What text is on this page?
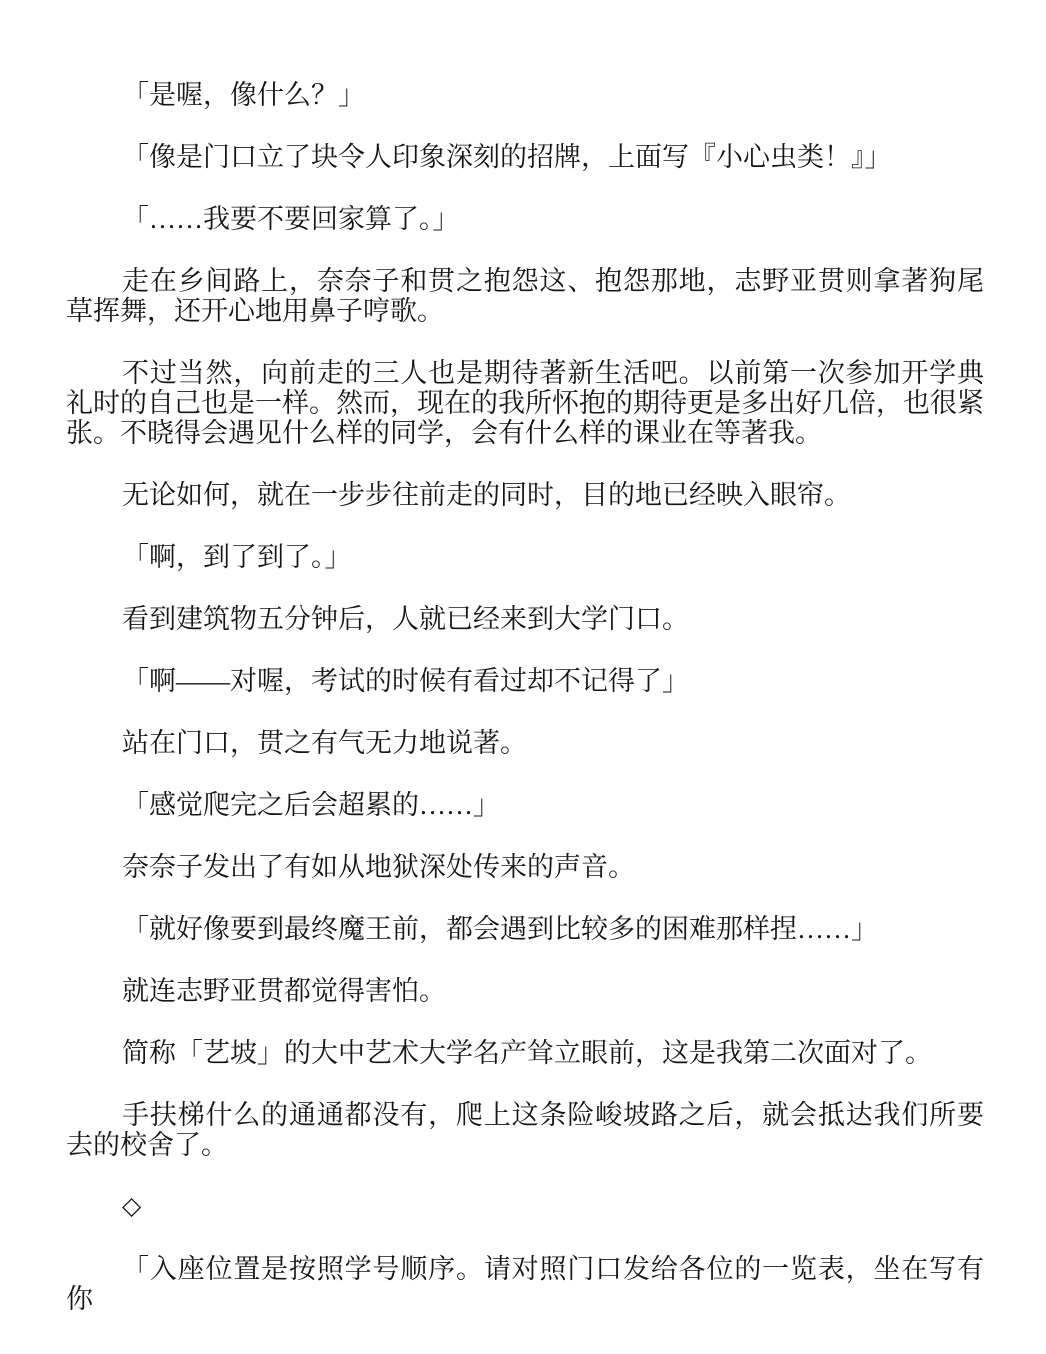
「是喔，像什么？」

「像是门口立了块令人印象深刻的招牌，上面写『小心虫类！』」

「……我要不要回家算了。」

走在乡间路上，奈奈子和贯之抱怨这、抱怨那地，志野亚贯则拿著狗尾草挥舞，还开心地用鼻子哼歌。

不过当然，向前走的三人也是期待著新生活吧。以前第一次参加开学典礼时的自己也是一样。然而，现在的我所怀抱的期待更是多出好几倍，也很紧张。不晓得会遇见什么样的同学，会有什么样的课业在等著我。

无论如何，就在一步步往前走的同时，目的地已经映入眼帘。

「啊，到了到了。」

看到建筑物五分钟后，人就已经来到大学门口。

「啊——对喔，考试的时候有看过却不记得了」

站在门口，贯之有气无力地说著。

「感觉爬完之后会超累的……」

奈奈子发出了有如从地狱深处传来的声音。

「就好像要到最终魔王前，都会遇到比较多的困难那样捏……」

就连志野亚贯都觉得害怕。

简称「艺坡」的大中艺术大学名产耸立眼前，这是我第二次面对了。

手扶梯什么的通通都没有，爬上这条险峻坡路之后，就会抵达我们所要去的校舍了。

◇

「入座位置是按照学号顺序。请对照门口发给各位的一览表，坐在写有你
